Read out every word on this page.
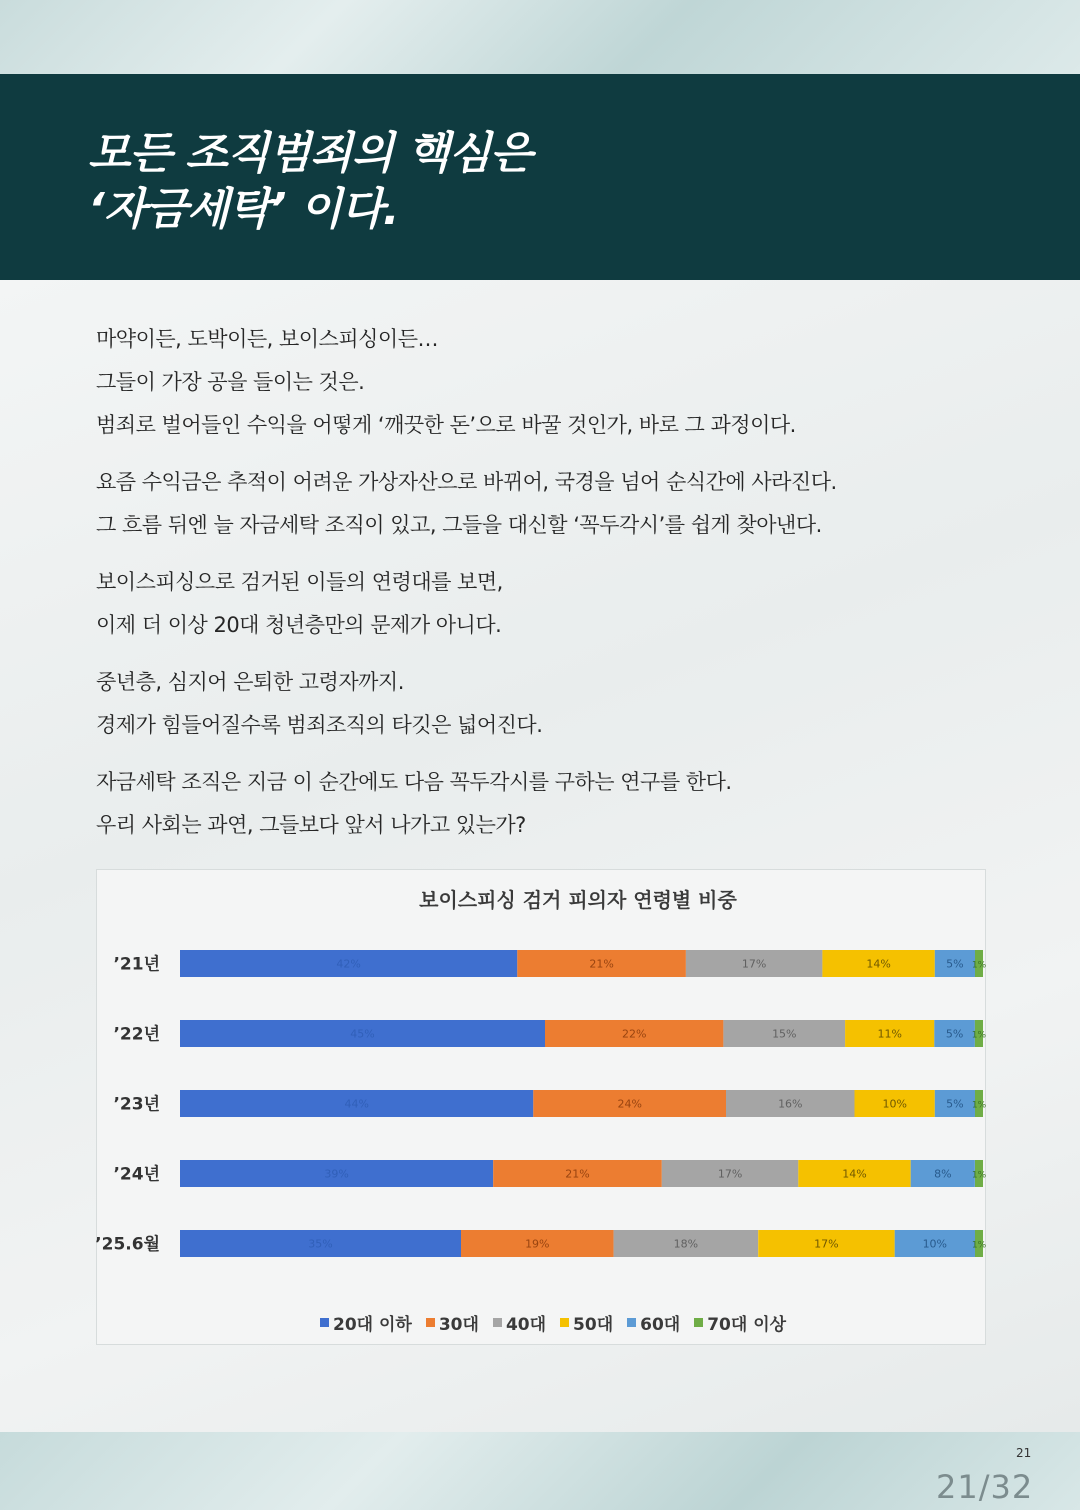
모든 조직범죄의 핵심은
‘자금세탁’ 이다.

마약이든, 도박이든, 보이스피싱이든…
그들이 가장 공을 들이는 것은.
범죄로 벌어들인 수익을 어떻게 ‘깨끗한 돈’으로 바꿀 것인가, 바로 그 과정이다.

요즘 수익금은 추적이 어려운 가상자산으로 바뀌어, 국경을 넘어 순식간에 사라진다.
그 흐름 뒤엔 늘 자금세탁 조직이 있고, 그들을 대신할 ‘꼭두각시’를 쉽게 찾아낸다.

보이스피싱으로 검거된 이들의 연령대를 보면,
이제 더 이상 20대 청년층만의 문제가 아니다.

중년층, 심지어 은퇴한 고령자까지.
경제가 힘들어질수록 범죄조직의 타깃은 넓어진다.

자금세탁 조직은 지금 이 순간에도 다음 꼭두각시를 구하는 연구를 한다.
우리 사회는 과연, 그들보다 앞서 나가고 있는가?

보이스피싱 검거 피의자 연령별 비중
’21년	42%	21%	17%	14%	5% 1%
’22년	45%	22%	15%	11%	5% 1%
’23년	44%	24%	16%	10%	5% 1%
’24년	39%	21%	17%	14%	8% 1%
’25.6월	35%	19%	18%	17%	10%	1%
20대 이하 30대 40대 50대 60대 70대 이상
21
21/32
